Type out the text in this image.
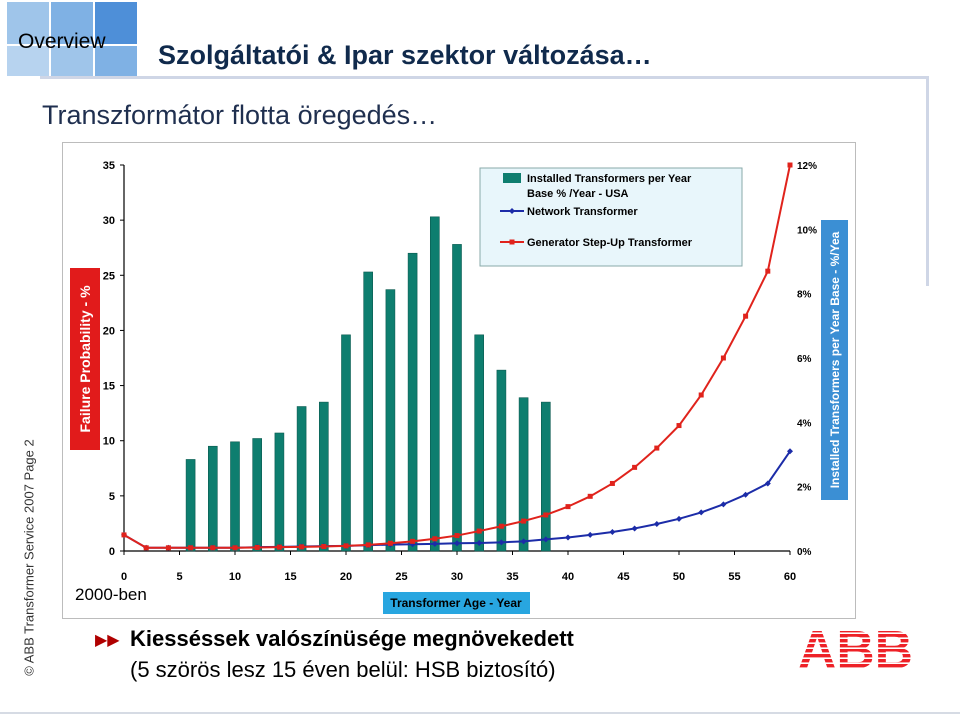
Overview Szolgáltatói & Ipar szektor változása…
Transzformátor flotta öregedés…
© ABB Transformer Service 2007 Page 2	0
5
10
15
20
25
30
35
0	5	10	15	20	25	30	35	40	45	50	55	60
0%
2%
4%
6%
8%
10%
12%
Installed Transformers per Year
Base % /Year - USA
Network Transformer
Generator Step-Up Transformer
Failure Probability - %
Transformer Age - Year
Installed Transformers per Year Base - %/Yea
2000-ben
▶▶ Kiesséssek valószínüsége megnövekedett
(5 szörös lesz 15 éven belül: HSB biztosító)	ABB
